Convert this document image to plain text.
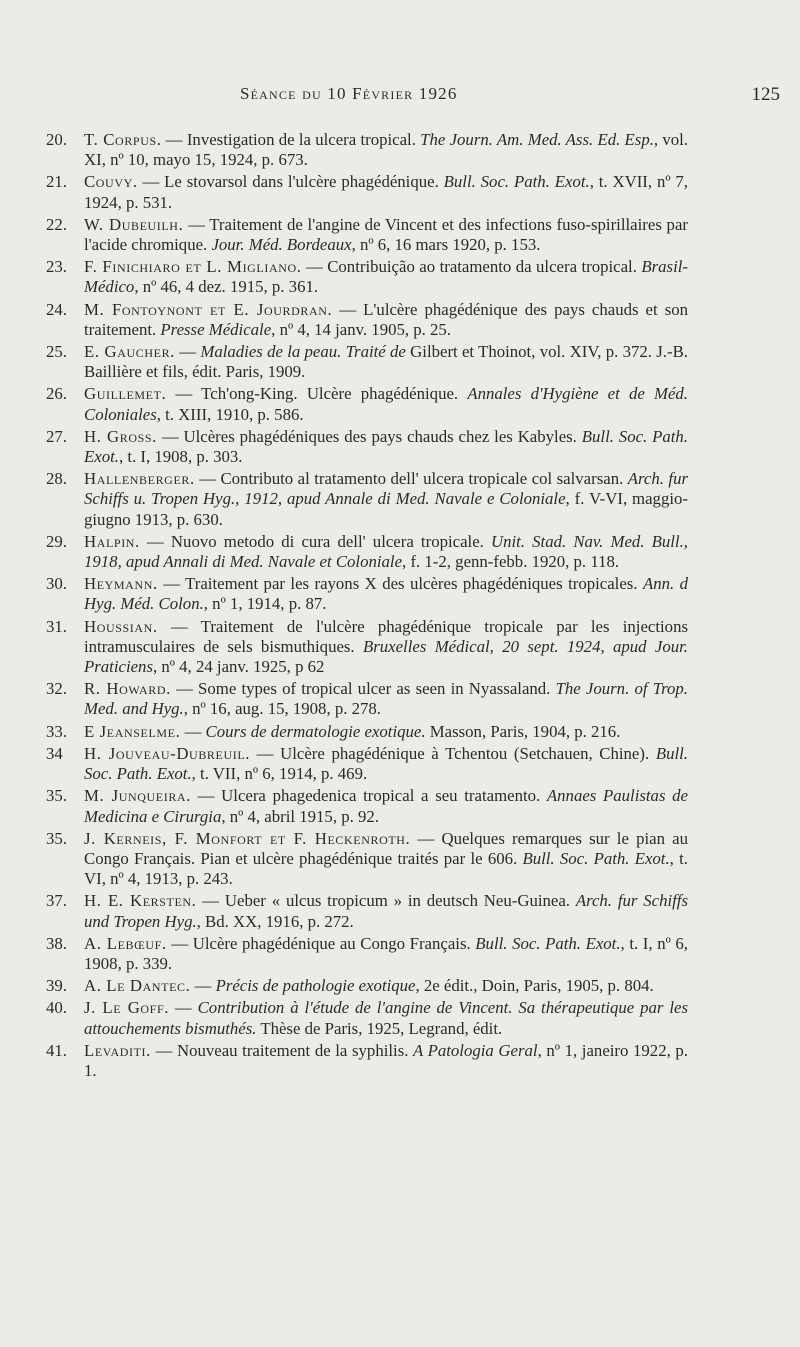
Séance du 10 Février 1926	125
20. T. Corpus. — Investigation de la ulcera tropical. The Journ. Am. Med. Ass. Ed. Esp., vol. XI, nº 10, mayo 15, 1924, p. 673.
21. Couvy. — Le stovarsol dans l'ulcère phagédénique. Bull. Soc. Path. Exot., t. XVII, nº 7, 1924, p. 531.
22. W. Dubeuilh. — Traitement de l'angine de Vincent et des infections fuso-spirillaires par l'acide chromique. Jour. Méd. Bordeaux, nº 6, 16 mars 1920, p. 153.
23. F. Finichiaro et L. Migliano. — Contribuição ao tratamento da ulcera tropical. Brasil-Médico, nº 46, 4 dez. 1915, p. 361.
24. M. Fontoynont et E. Jourdran. — L'ulcère phagédénique des pays chauds et son traitement. Presse Médicale, nº 4, 14 janv. 1905, p. 25.
25. E. Gaucher. — Maladies de la peau. Traité de Gilbert et Thoinot, vol. XIV, p. 372. J.-B. Baillière et fils, édit. Paris, 1909.
26. Guillemet. — Tch'ong-King. Ulcère phagédénique. Annales d'Hygiène et de Méd. Coloniales, t. XIII, 1910, p. 586.
27. H. Gross. — Ulcères phagédéniques des pays chauds chez les Kabyles. Bull. Soc. Path. Exot., t. I, 1908, p. 303.
28. Hallenberger. — Contributo al tratamento dell' ulcera tropicale col salvarsan. Arch. fur Schiffs u. Tropen Hyg., 1912, apud Annale di Med. Navale e Coloniale, f. V-VI, maggio-giugno 1913, p. 630.
29. Halpin. — Nuovo metodo di cura dell' ulcera tropicale. Unit. Stad. Nav. Med. Bull., 1918, apud Annali di Med. Navale et Coloniale, f. 1-2, genn-febb. 1920, p. 118.
30. Heymann. — Traitement par les rayons X des ulcères phagédéniques tropicales. Ann. d Hyg. Méd. Colon., nº 1, 1914, p. 87.
31. Houssian. — Traitement de l'ulcère phagédénique tropicale par les injections intramusculaires de sels bismuthiques. Bruxelles Médical, 20 sept. 1924, apud Jour. Praticiens, nº 4, 24 janv. 1925, p 62
32. R. Howard. — Some types of tropical ulcer as seen in Nyassaland. The Journ. of Trop. Med. and Hyg., nº 16, aug. 15, 1908, p. 278.
33. E Jeanselme. — Cours de dermatologie exotique. Masson, Paris, 1904, p. 216.
34 H. Jouveau-Dubreuil. — Ulcère phagédénique à Tchentou (Setchauen, Chine). Bull. Soc. Path. Exot., t. VII, nº 6, 1914, p. 469.
35. M. Junqueira. — Ulcera phagedenica tropical a seu tratamento. Annaes Paulistas de Medicina e Cirurgia, nº 4, abril 1915, p. 92.
35. J. Kerneis, F. Monfort et F. Heckenroth. — Quelques remarques sur le pian au Congo Français. Pian et ulcère phagédénique traités par le 606. Bull. Soc. Path. Exot., t. VI, nº 4, 1913, p. 243.
37. H. E. Kersten. — Ueber « ulcus tropicum » in deutsch Neu-Guinea. Arch. fur Schiffs und Tropen Hyg., Bd. XX, 1916, p. 272.
38. A. Lebœuf. — Ulcère phagédénique au Congo Français. Bull. Soc. Path. Exot., t. I, nº 6, 1908, p. 339.
39. A. Le Dantec. — Précis de pathologie exotique, 2e édit., Doin, Paris, 1905, p. 804.
40. J. Le Goff. — Contribution à l'étude de l'angine de Vincent. Sa thérapeutique par les attouchements bismuthés. Thèse de Paris, 1925, Legrand, édit.
41. Levaditi. — Nouveau traitement de la syphilis. A Patologia Geral, nº 1, janeiro 1922, p. 1.
